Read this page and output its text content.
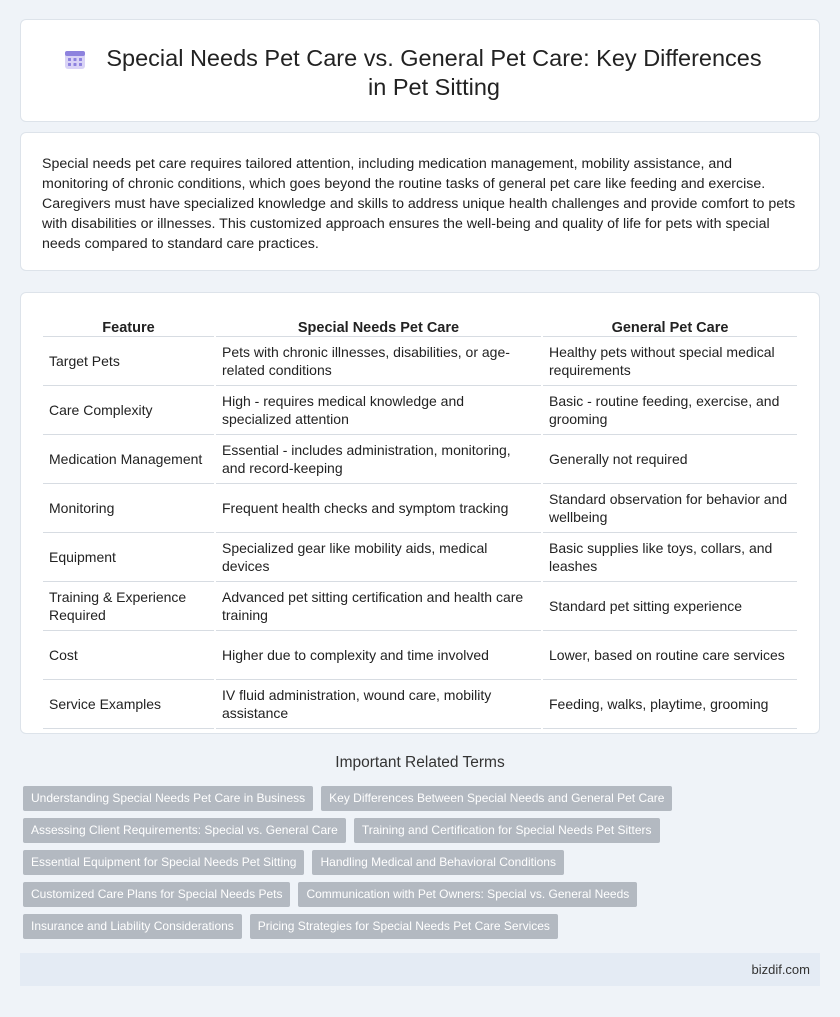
Special Needs Pet Care vs. General Pet Care: Key Differences in Pet Sitting

Special needs pet care requires tailored attention, including medication management, mobility assistance, and monitoring of chronic conditions, which goes beyond the routine tasks of general pet care like feeding and exercise. Caregivers must have specialized knowledge and skills to address unique health challenges and provide comfort to pets with disabilities or illnesses. This customized approach ensures the well-being and quality of life for pets with special needs compared to standard care practices.

Feature	Special Needs Pet Care	General Pet Care
Target Pets	Pets with chronic illnesses, disabilities, or age-related conditions	Healthy pets without special medical requirements
Care Complexity	High - requires medical knowledge and specialized attention	Basic - routine feeding, exercise, and grooming
Medication Management	Essential - includes administration, monitoring, and record-keeping	Generally not required
Monitoring	Frequent health checks and symptom tracking	Standard observation for behavior and wellbeing
Equipment	Specialized gear like mobility aids, medical devices	Basic supplies like toys, collars, and leashes
Training & Experience Required	Advanced pet sitting certification and health care training	Standard pet sitting experience
Cost	Higher due to complexity and time involved	Lower, based on routine care services
Service Examples	IV fluid administration, wound care, mobility assistance	Feeding, walks, playtime, grooming
Important Related Terms
Understanding Special Needs Pet Care in Business	Key Differences Between Special Needs and General Pet Care
Assessing Client Requirements: Special vs. General Care	Training and Certification for Special Needs Pet Sitters
Essential Equipment for Special Needs Pet Sitting	Handling Medical and Behavioral Conditions
Customized Care Plans for Special Needs Pets	Communication with Pet Owners: Special vs. General Needs
Insurance and Liability Considerations	Pricing Strategies for Special Needs Pet Care Services
bizdif.com
